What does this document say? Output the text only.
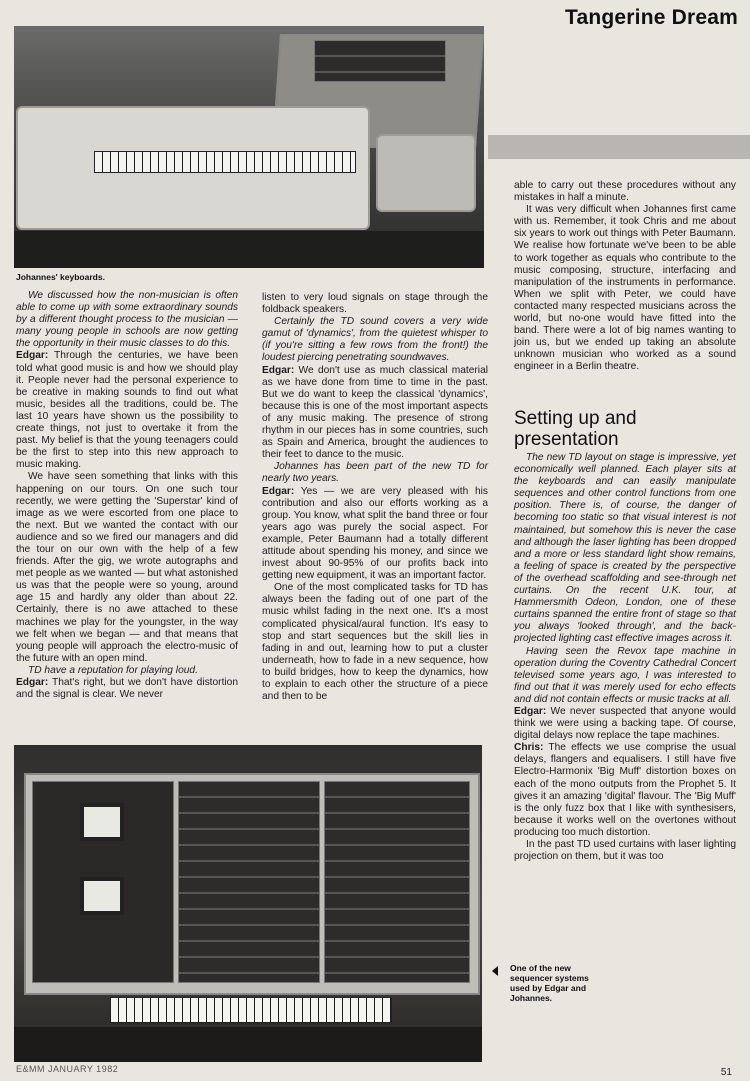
Tangerine Dream

Johannes' keyboards.

We discussed how the non-musician is often able to come up with some extraordinary sounds by a different thought process to the musician — many young people in schools are now getting the opportunity in their music classes to do this.

Edgar: Through the centuries, we have been told what good music is and how we should play it. People never had the personal experience to be creative in making sounds to find out what music, besides all the traditions, could be. The last 10 years have shown us the possibility to create things, not just to overtake it from the past. My belief is that the young teenagers could be the first to step into this new approach to music making.

We have seen something that links with this happening on our tours. On one such tour recently, we were getting the 'Superstar' kind of image as we were escorted from one place to the next. But we wanted the contact with our audience and so we fired our managers and did the tour on our own with the help of a few friends. After the gig, we wrote autographs and met people as we wanted — but what astonished us was that the people were so young, around age 15 and hardly any older than about 22. Certainly, there is no awe attached to these machines we play for the youngster, in the way we felt when we began — and that means that young people will approach the electro-music of the future with an open mind.

TD have a reputation for playing loud.

Edgar: That's right, but we don't have distortion and the signal is clear. We never

listen to very loud signals on stage through the foldback speakers.

Certainly the TD sound covers a very wide gamut of 'dynamics', from the quietest whisper to (if you're sitting a few rows from the front!) the loudest piercing penetrating soundwaves.

Edgar: We don't use as much classical material as we have done from time to time in the past. But we do want to keep the classical 'dynamics', because this is one of the most important aspects of any music making. The presence of strong rhythm in our pieces has in some countries, such as Spain and America, brought the audiences to their feet to dance to the music.

Johannes has been part of the new TD for nearly two years.

Edgar: Yes — we are very pleased with his contribution and also our efforts working as a group. You know, what split the band three or four years ago was purely the social aspect. For example, Peter Baumann had a totally different attitude about spending his money, and since we invest about 90-95% of our profits back into getting new equipment, it was an important factor.

One of the most complicated tasks for TD has always been the fading out of one part of the music whilst fading in the next one. It's a most complicated physical/aural function. It's easy to stop and start sequences but the skill lies in fading in and out, learning how to put a cluster underneath, how to fade in a new sequence, how to build bridges, how to keep the dynamics, how to explain to each other the structure of a piece and then to be

able to carry out these procedures without any mistakes in half a minute.

It was very difficult when Johannes first came with us. Remember, it took Chris and me about six years to work out things with Peter Baumann. We realise how fortunate we've been to be able to work together as equals who contribute to the music composing, structure, interfacing and manipulation of the instruments in performance. When we split with Peter, we could have contacted many respected musicians across the world, but no-one would have fitted into the band. There were a lot of big names wanting to join us, but we ended up taking an absolute unknown musician who worked as a sound engineer in a Berlin theatre.

Setting up and presentation

The new TD layout on stage is impressive, yet economically well planned. Each player sits at the keyboards and can easily manipulate sequences and other control functions from one position. There is, of course, the danger of becoming too static so that visual interest is not maintained, but somehow this is never the case and although the laser lighting has been dropped and a more or less standard light show remains, a feeling of space is created by the perspective of the overhead scaffolding and see-through net curtains. On the recent U.K. tour, at Hammersmith Odeon, London, one of these curtains spanned the entire front of stage so that you always 'looked through', and the back-projected lighting cast effective images across it.

Having seen the Revox tape machine in operation during the Coventry Cathedral Concert televised some years ago, I was interested to find out that it was merely used for echo effects and did not contain effects or music tracks at all.

Edgar: We never suspected that anyone would think we were using a backing tape. Of course, digital delays now replace the tape machines.

Chris: The effects we use comprise the usual delays, flangers and equalisers. I still have five Electro-Harmonix 'Big Muff' distortion boxes on each of the mono outputs from the Prophet 5. It gives it an amazing 'digital' flavour. The 'Big Muff' is the only fuzz box that I like with synthesisers, because it works well on the overtones without producing too much distortion.

In the past TD used curtains with laser lighting projection on them, but it was too

One of the new sequencer systems used by Edgar and Johannes.

E&MM JANUARY 1982	51
